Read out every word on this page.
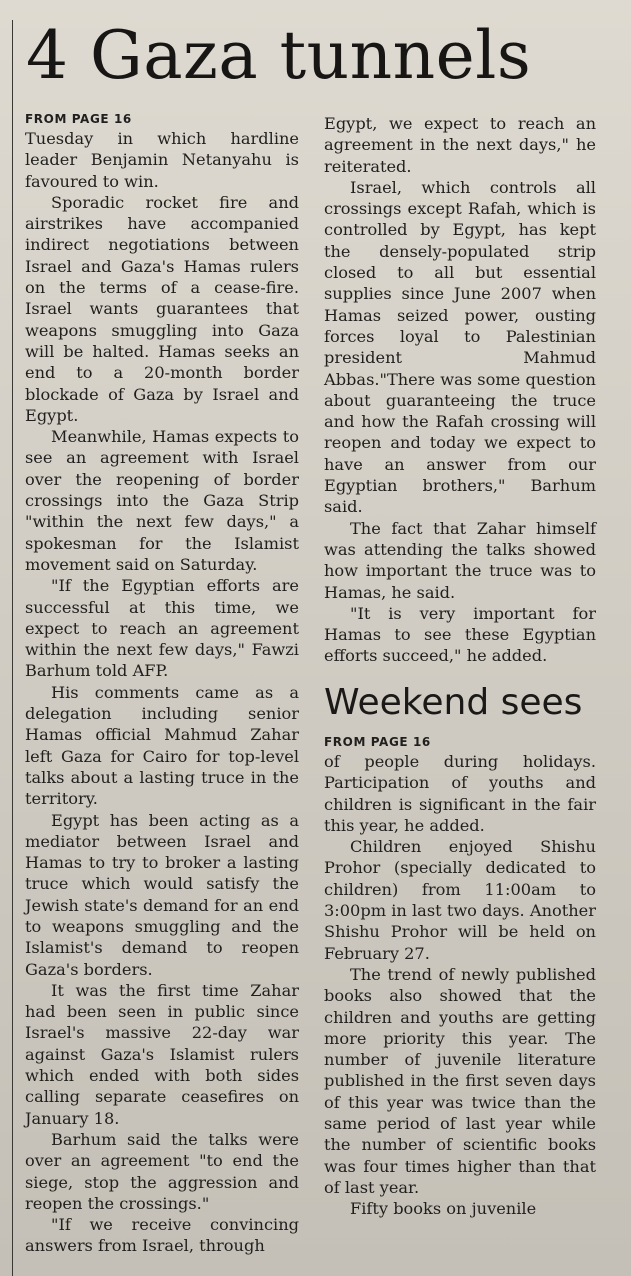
4 Gaza tunnels

FROM PAGE 16
Tuesday in which hardline leader Benjamin Netanyahu is favoured to win.

Sporadic rocket fire and airstrikes have accompanied indirect negotiations between Israel and Gaza's Hamas rulers on the terms of a cease-fire. Israel wants guarantees that weapons smuggling into Gaza will be halted. Hamas seeks an end to a 20-month border blockade of Gaza by Israel and Egypt.

Meanwhile, Hamas expects to see an agreement with Israel over the reopening of border crossings into the Gaza Strip "within the next few days," a spokesman for the Islamist movement said on Saturday.

"If the Egyptian efforts are successful at this time, we expect to reach an agreement within the next few days," Fawzi Barhum told AFP.

His comments came as a delegation including senior Hamas official Mahmud Zahar left Gaza for Cairo for top-level talks about a lasting truce in the territory.

Egypt has been acting as a mediator between Israel and Hamas to try to broker a lasting truce which would satisfy the Jewish state's demand for an end to weapons smuggling and the Islamist's demand to reopen Gaza's borders.

It was the first time Zahar had been seen in public since Israel's massive 22-day war against Gaza's Islamist rulers which ended with both sides calling separate ceasefires on January 18.

Barhum said the talks were over an agreement "to end the siege, stop the aggression and reopen the crossings."

"If we receive convincing answers from Israel, through

Egypt, we expect to reach an agreement in the next days," he reiterated.

Israel, which controls all crossings except Rafah, which is controlled by Egypt, has kept the densely-populated strip closed to all but essential supplies since June 2007 when Hamas seized power, ousting forces loyal to Palestinian president Mahmud Abbas."There was some question about guaranteeing the truce and how the Rafah crossing will reopen and today we expect to have an answer from our Egyptian brothers," Barhum said.

The fact that Zahar himself was attending the talks showed how important the truce was to Hamas, he said.

"It is very important for Hamas to see these Egyptian efforts succeed," he added.

Weekend sees

FROM PAGE 16
of people during holidays. Participation of youths and children is significant in the fair this year, he added.

Children enjoyed Shishu Prohor (specially dedicated to children) from 11:00am to 3:00pm in last two days. Another Shishu Prohor will be held on February 27.

The trend of newly published books also showed that the children and youths are getting more priority this year. The number of juvenile literature published in the first seven days of this year was twice than the same period of last year while the number of scientific books was four times higher than that of last year.

Fifty books on juvenile
